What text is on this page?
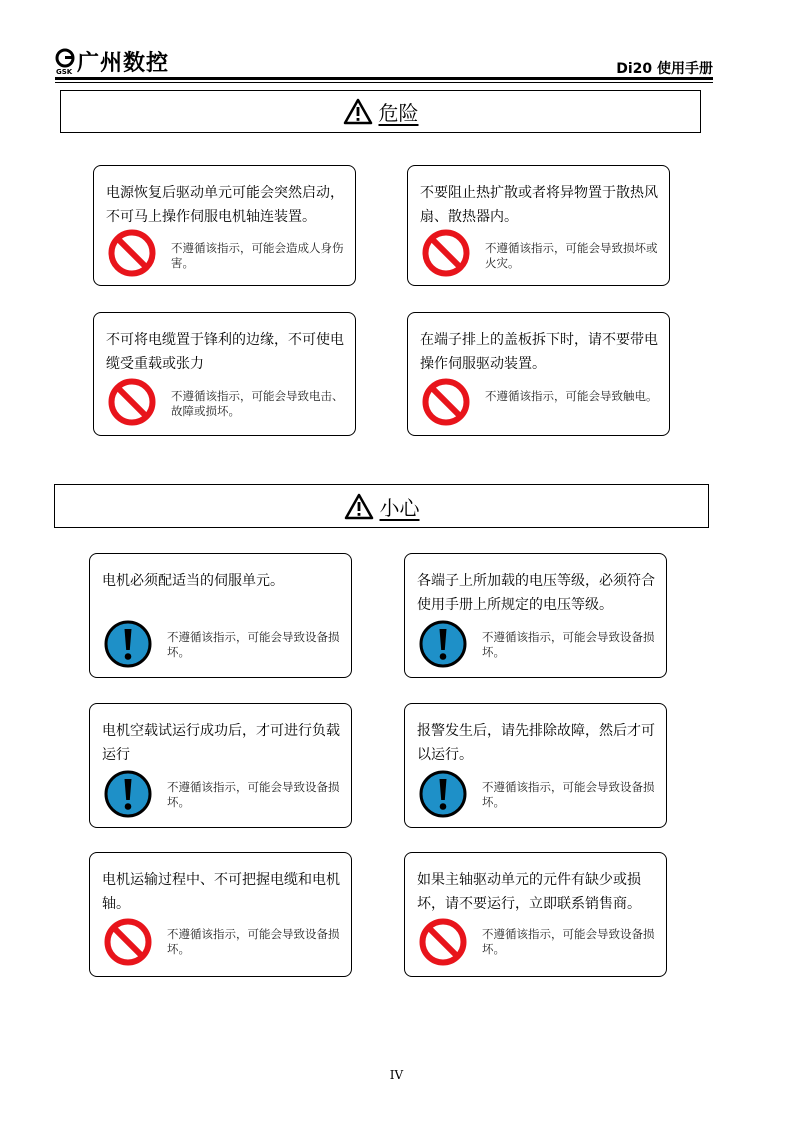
GSK 广州数控	Di20 使用手册
危险
电源恢复后驱动单元可能会突然启动，不可马上操作伺服电机轴连装置。
不遵循该指示，可能会造成人身伤害。
不要阻止热扩散或者将异物置于散热风扇、散热器内。
不遵循该指示，可能会导致损坏或火灾。
不可将电缆置于锋利的边缘，不可使电缆受重载或张力
不遵循该指示，可能会导致电击、故障或损坏。
在端子排上的盖板拆下时，请不要带电操作伺服驱动装置。
不遵循该指示，可能会导致触电。
小心
电机必须配适当的伺服单元。
不遵循该指示，可能会导致设备损坏。
各端子上所加载的电压等级，必须符合使用手册上所规定的电压等级。
不遵循该指示，可能会导致设备损坏。
电机空载试运行成功后，才可进行负载运行
不遵循该指示，可能会导致设备损坏。
报警发生后，请先排除故障，然后才可以运行。
不遵循该指示，可能会导致设备损坏。
电机运输过程中、不可把握电缆和电机轴。
不遵循该指示，可能会导致设备损坏。
如果主轴驱动单元的元件有缺少或损坏，请不要运行，立即联系销售商。
不遵循该指示，可能会导致设备损坏。
IV
